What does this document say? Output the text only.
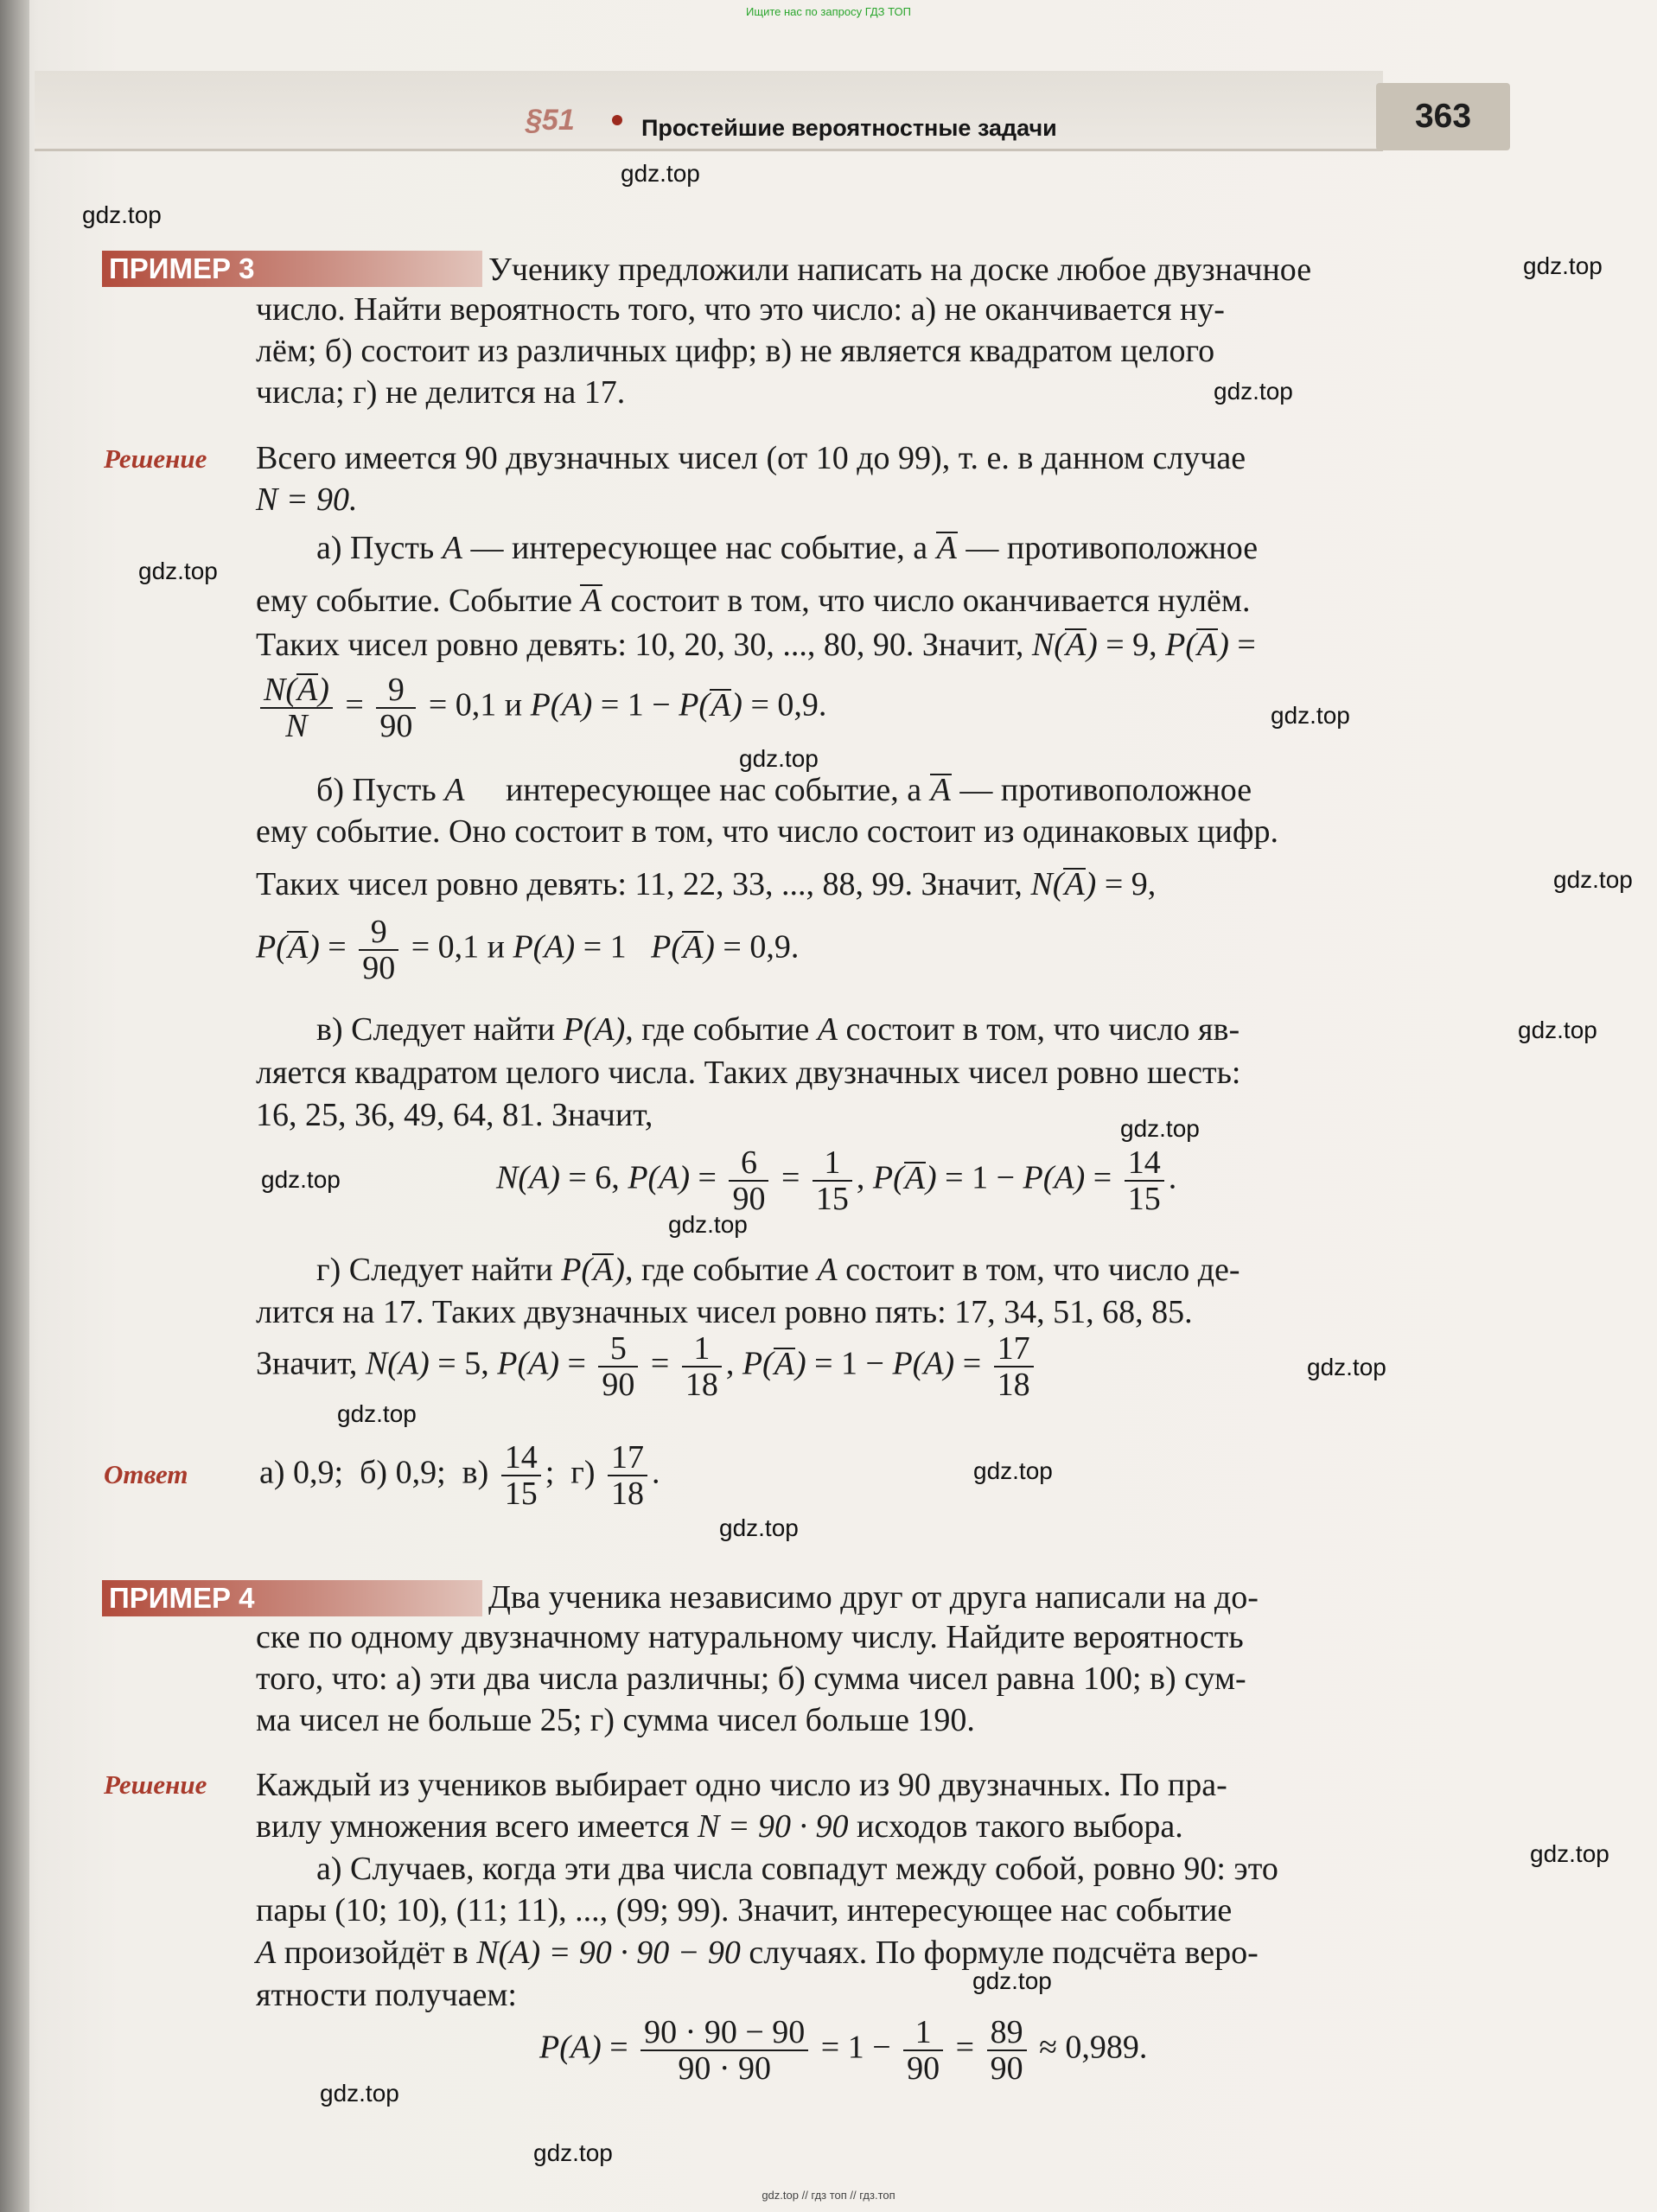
Ищите нас по запросу ГДЗ ТОП
§51	Простейшие вероятностные задачи	363
gdz.top
gdz.top
gdz.top
gdz.top
gdz.top
gdz.top
gdz.top
gdz.top
gdz.top
gdz.top
gdz.top
gdz.top
gdz.top
gdz.top
gdz.top
gdz.top
gdz.top
gdz.top
gdz.top
gdz.top
ПРИМЕР 3	Ученику предложили написать на доске любое двузначное
число. Найти вероятность того, что это число: а) не оканчивается ну-
лём; б) состоит из различных цифр; в) не является квадратом целого
числа; г) не делится на 17.
Решение Всего имеется 90 двузначных чисел (от 10 до 99), т. е. в данном случае
N = 90.
а) Пусть A — интересующее нас событие, а A — противоположное
ему событие. Событие A состоит в том, что число оканчивается нулём.
Таких чисел ровно девять: 10, 20, 30, ..., 80, 90. Значит, N(A) = 9, P(A) =
$\frac{N(A)}{N} = \frac{9}{90} = 0,1$ и P(A) = 1 − P(A) = 0,9.
б) Пусть A интересующее нас событие, а A — противоположное
ему событие. Оно состоит в том, что число состоит из одинаковых цифр.
Таких чисел ровно девять: 11, 22, 33, ..., 88, 99. Значит, N(A) = 9,
$P(A) = \frac{9}{90} = 0,1$ и P(A) = 1 P(A) = 0,9.
в) Следует найти P(A), где событие A состоит в том, что число яв-
ляется квадратом целого числа. Таких двузначных чисел ровно шесть:
16, 25, 36, 49, 64, 81. Значит,
N(A) = 6, $P(A) = \frac{6}{90} = \frac{1}{15}$ , $P(A) = 1 - P(A) = \frac{14}{15}$ .
г) Следует найти P(A), где событие A состоит в том, что число де-
лится на 17. Таких двузначных чисел ровно пять: 17, 34, 51, 68, 85.
Значит, N(A) = 5, $P(A) = \frac{5}{90} = \frac{1}{18}$ , $P(A) = 1 - P(A) = \frac{17}{18}$
Ответ а) 0,9; б) 0,9; $в) \frac{14}{15}$ ;  $г) \frac{17}{18}$ .
ПРИМЕР 4	Два ученика независимо друг от друга написали на до-
ске по одному двузначному натуральному числу. Найдите вероятность
того, что: а) эти два числа различны; б) сумма чисел равна 100; в) сум-
ма чисел не больше 25; г) сумма чисел больше 190.
Решение Каждый из учеников выбирает одно число из 90 двузначных. По пра-
вилу умножения всего имеется N = 90 · 90 исходов такого выбора.
а) Случаев, когда эти два числа совпадут между собой, ровно 90: это
пары (10; 10), (11; 11), ..., (99; 99). Значит, интересующее нас событие
A произойдёт в N(A) = 90 · 90 − 90 случаях. По формуле подсчёта веро-
ятности получаем:
$P(A) = \frac{90 \cdot 90 - 90}{90 \cdot 90} = 1 - \frac{1}{90} = \frac{89}{90} \approx 0,989$.
gdz.top // гдз топ // гдз.топ
